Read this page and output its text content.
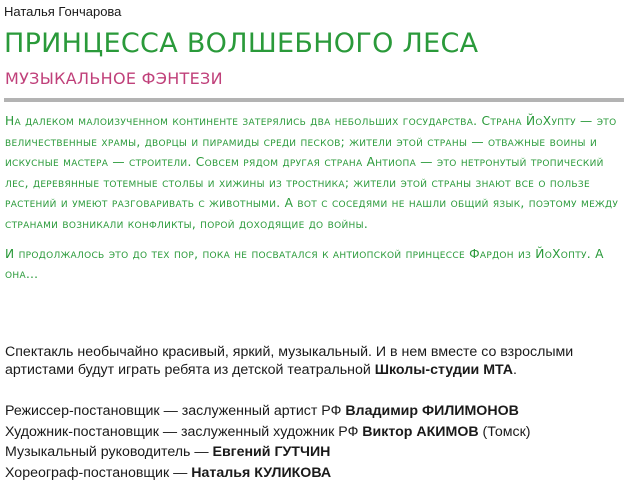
Наталья Гончарова
ПРИНЦЕССА ВОЛШЕБНОГО ЛЕСА
МУЗЫКАЛЬНОЕ ФЭНТЕЗИ

На далеком малоизученном континенте затерялись два небольших государства. Страна ЙоХупту — это величественные храмы, дворцы и пирамиды среди песков; жители этой страны — отважные воины и искусные мастера — строители. Совсем рядом другая страна Антиопа — это нетронутый тропический лес, деревянные тотемные столбы и хижины из тростника; жители этой страны знают все о пользе растений и умеют разговаривать с животными. А вот с соседями не нашли общий язык, поэтому между странами возникали конфликты, порой доходящие до войны.

И продолжалось это до тех пор, пока не посватался к антиопской принцессе Фардон из ЙоХопту. А она…

Спектакль необычайно красивый, яркий, музыкальный. И в нем вместе со взрослыми артистами будут играть ребята из детской театральной Школы-студии МТА.

Режиссер-постановщик — заслуженный артист РФ Владимир ФИЛИМОНОВ
Художник-постановщик — заслуженный художник РФ Виктор АКИМОВ (Томск)
Музыкальный руководитель — Евгений ГУТЧИН
Хореограф-постановщик — Наталья КУЛИКОВА
